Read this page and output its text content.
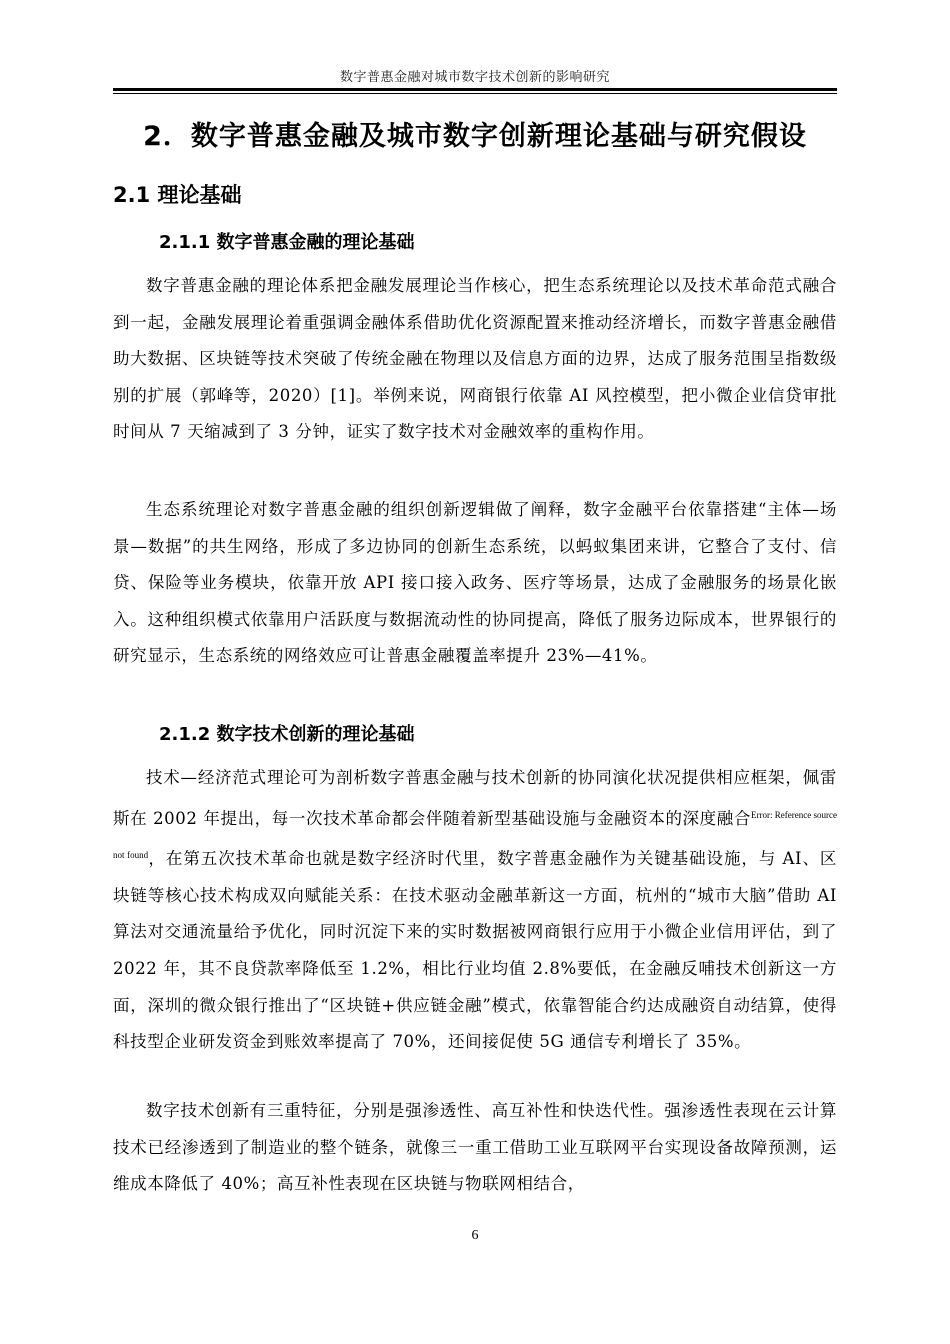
数字普惠金融对城市数字技术创新的影响研究
2．数字普惠金融及城市数字创新理论基础与研究假设
2.1 理论基础
2.1.1 数字普惠金融的理论基础

数字普惠金融的理论体系把金融发展理论当作核心，把生态系统理论以及技术革命范式融合到一起，金融发展理论着重强调金融体系借助优化资源配置来推动经济增长，而数字普惠金融借助大数据、区块链等技术突破了传统金融在物理以及信息方面的边界，达成了服务范围呈指数级别的扩展（郭峰等，2020）[1]。举例来说，网商银行依靠 AI 风控模型，把小微企业信贷审批时间从 7 天缩减到了 3 分钟，证实了数字技术对金融效率的重构作用。

生态系统理论对数字普惠金融的组织创新逻辑做了阐释，数字金融平台依靠搭建“主体—场景—数据”的共生网络，形成了多边协同的创新生态系统，以蚂蚁集团来讲，它整合了支付、信贷、保险等业务模块，依靠开放 API 接口接入政务、医疗等场景，达成了金融服务的场景化嵌入。这种组织模式依靠用户活跃度与数据流动性的协同提高，降低了服务边际成本，世界银行的研究显示，生态系统的网络效应可让普惠金融覆盖率提升 23%—41%。

2.1.2 数字技术创新的理论基础

技术—经济范式理论可为剖析数字普惠金融与技术创新的协同演化状况提供相应框架，佩雷斯在 2002 年提出，每一次技术革命都会伴随着新型基础设施与金融资本的深度融合$^{Error: Reference source not found}$，在第五次技术革命也就是数字经济时代里，数字普惠金融作为关键基础设施，与 AI、区块链等核心技术构成双向赋能关系：在技术驱动金融革新这一方面，杭州的“城市大脑”借助 AI 算法对交通流量给予优化，同时沉淀下来的实时数据被网商银行应用于小微企业信用评估，到了 2022 年，其不良贷款率降低至 1.2%，相比行业均值 2.8%要低，在金融反哺技术创新这一方面，深圳的微众银行推出了“区块链+供应链金融”模式，依靠智能合约达成融资自动结算，使得科技型企业研发资金到账效率提高了 70%，还间接促使 5G 通信专利增长了 35%。

数字技术创新有三重特征，分别是强渗透性、高互补性和快迭代性。强渗透性表现在云计算技术已经渗透到了制造业的整个链条，就像三一重工借助工业互联网平台实现设备故障预测，运维成本降低了 40%；高互补性表现在区块链与物联网相结合，

6
